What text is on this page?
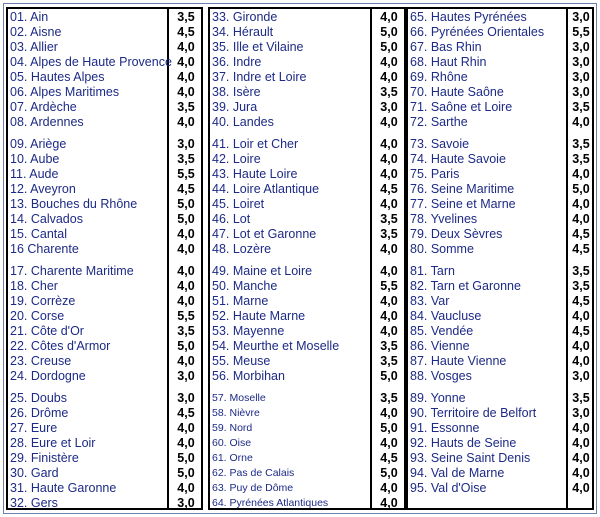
01. Ain	3,5
02. Aisne	4,5
03. Allier	4,0
04. Alpes de Haute Provence 4,0
05. Hautes Alpes	4,0
06. Alpes Maritimes	4,0
07. Ardèche	3,5
08. Ardennes	4,0
09. Ariège	3,0
10. Aube	3,5
11. Aude	5,5
12. Aveyron	4,5
13. Bouches du Rhône	5,0
14. Calvados	5,0
15. Cantal	4,0
16 Charente	4,0
17. Charente Maritime	4,0
18. Cher	4,0
19. Corrèze	4,0
20. Corse	5,5
21. Côte d'Or	3,5
22. Côtes d'Armor	5,0
23. Creuse	4,0
24. Dordogne	3,0
25. Doubs	3,0
26. Drôme	4,5
27. Eure	4,0
28. Eure et Loir	4,0
29. Finistère	5,0
30. Gard	5,0
31. Haute Garonne	4,0
32. Gers	3,0
33. Gironde	4,0
34. Hérault	5,0
35. Ille et Vilaine	5,0
36. Indre	4,0
37. Indre et Loire	4,0
38. Isère	3,5
39. Jura	3,0
40. Landes	4,0
41. Loir et Cher	4,0
42. Loire	4,0
43. Haute Loire	4,0
44. Loire Atlantique	4,5
45. Loiret	4,0
46. Lot	3,5
47. Lot et Garonne	3,5
48. Lozère	4,0
49. Maine et Loire	4,0
50. Manche	5,5
51. Marne	4,0
52. Haute Marne	4,0
53. Mayenne	4,0
54. Meurthe et Moselle	3,5
55. Meuse	3,5
56. Morbihan	5,0
57. Moselle	3,5
58. Nièvre	4,0
59. Nord	5,0
60. Oise	4,0
61. Orne	4,5
62. Pas de Calais	5,0
63. Puy de Dôme	4,0
64. Pyrénées Atlantiques	4,0
65. Hautes Pyrénées	3,0
66. Pyrénées Orientales	5,5
67. Bas Rhin	3,0
68. Haut Rhin	3,0
69. Rhône	3,0
70. Haute Saône	3,0
71. Saône et Loire	3,5
72. Sarthe	4,0
73. Savoie	3,5
74. Haute Savoie	3,5
75. Paris	4,0
76. Seine Maritime	5,0
77. Seine et Marne	4,0
78. Yvelines	4,0
79. Deux Sèvres	4,5
80. Somme	4,5
81. Tarn	3,5
82. Tarn et Garonne	3,5
83. Var	4,5
84. Vaucluse	4,0
85. Vendée	4,5
86. Vienne	4,0
87. Haute Vienne	4,0
88. Vosges	3,0
89. Yonne	3,5
90. Territoire de Belfort	3,0
91. Essonne	4,0
92. Hauts de Seine	4,0
93. Seine Saint Denis	4,0
94. Val de Marne	4,0
95. Val d'Oise	4,0
